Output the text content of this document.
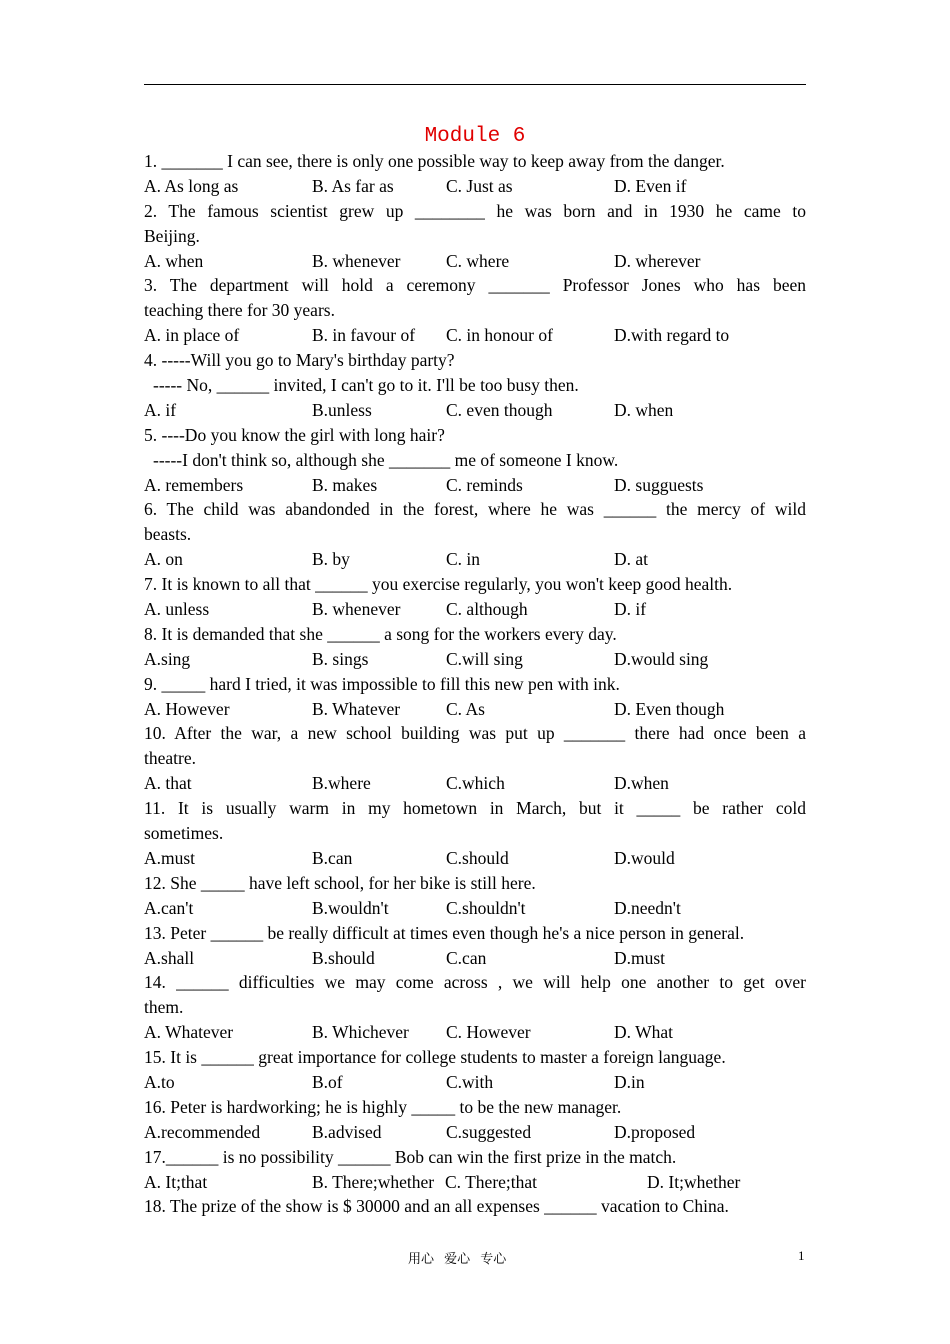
Module 6
1. _______ I can see, there is only one possible way to keep away from the danger.
A. As long as	B. As far as	C. Just as	D. Even if
2. The famous scientist grew up ________ he was born and in 1930 he came to
Beijing.
A. when	B. whenever	C. where	D. wherever
3. The department will hold a ceremony _______ Professor Jones who has been
teaching there for 30 years.
A. in place of	B. in favour of C. in honour of	D.with regard to
4. -----Will you go to Mary's birthday party?
----- No, ______ invited, I can't go to it. I'll be too busy then.
A. if	B.unless	C. even though	D. when
5. ----Do you know the girl with long hair?
-----I don't think so, although she _______ me of someone I know.
A. remembers	B. makes	C. reminds	D. sugguests
6. The child was abandonded in the forest, where he was ______ the mercy of wild
beasts.
A. on	B. by	C. in	D. at
7. It is known to all that ______ you exercise regularly, you won't keep good health.
A. unless	B. whenever	C. although	D. if
8. It is demanded that she ______ a song for the workers every day.
A.sing	B. sings	C.will sing	D.would sing
9. _____ hard I tried, it was impossible to fill this new pen with ink.
A. However	B. Whatever	C. As	D. Even though
10. After the war, a new school building was put up _______ there had once been a
theatre.
A. that	B.where	C.which	D.when
11. It is usually warm in my hometown in March, but it _____ be rather cold
sometimes.
A.must	B.can	C.should	D.would
12. She _____ have left school, for her bike is still here.
A.can't	B.wouldn't	C.shouldn't	D.needn't
13. Peter ______ be really difficult at times even though he's a nice person in general.
A.shall	B.should	C.can	D.must
14. ______ difficulties we may come across , we will help one another to get over
them.
A. Whatever	B. Whichever C. However	D. What
15. It is ______ great importance for college students to master a foreign language.
A.to	B.of	C.with	D.in
16. Peter is hardworking; he is highly _____ to be the new manager.
A.recommended	B.advised	C.suggested	D.proposed
17.______ is no possibility ______ Bob can win the first prize in the match.
A. It;that	B. There;whether C. There;that	D. It;whether
18. The prize of the show is $ 30000 and an all expenses ______ vacation to China.
用心 爱心 专心	1
